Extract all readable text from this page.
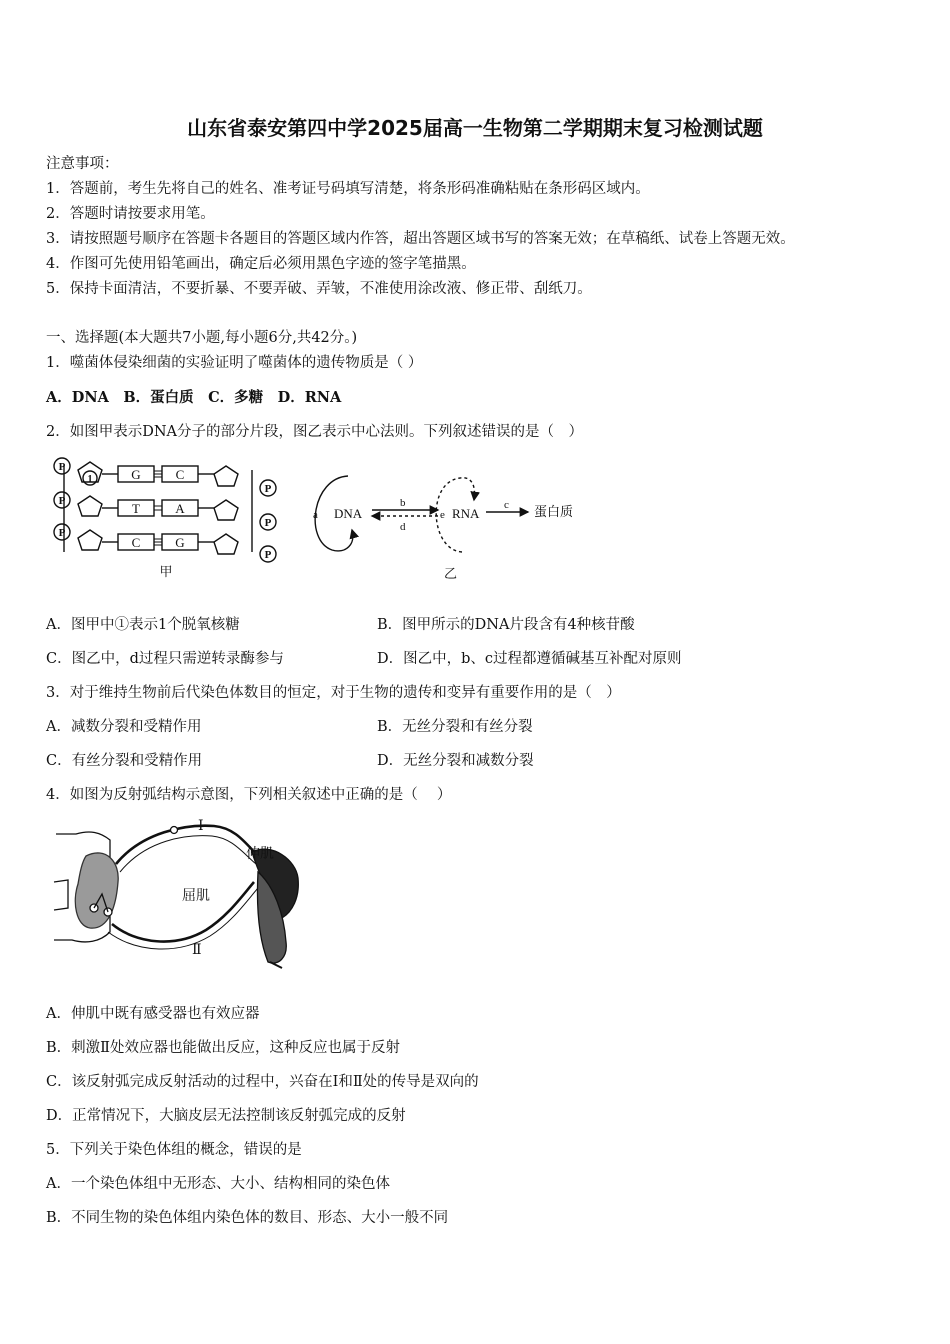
山东省泰安第四中学2025届高一生物第二学期期末复习检测试题
注意事项：
1．答题前，考生先将自己的姓名、准考证号码填写清楚，将条形码准确粘贴在条形码区域内。
2．答题时请按要求用笔。
3．请按照题号顺序在答题卡各题目的答题区域内作答，超出答题区域书写的答案无效；在草稿纸、试卷上答题无效。
4．作图可先使用铅笔画出，确定后必须用黑色字迹的签字笔描黑。
5．保持卡面清洁，不要折暴、不要弄破、弄皱，不准使用涂改液、修正带、刮纸刀。
一、选择题(本大题共7小题,每小题6分,共42分。)
1．噬菌体侵染细菌的实验证明了噬菌体的遗传物质是（ ）
A．DNA　B．蛋白质　C．多糖　D．RNA
2．如图甲表示DNA分子的部分片段，图乙表示中心法则。下列叙述错误的是（　）
P
P
P
P
P
P
1	G	C
T	A
C	G
甲
a DNA
b
d
e RNA
c 蛋白质
乙
A．图甲中①表示1个脱氧核糖	B．图甲所示的DNA片段含有4种核苷酸
C．图乙中，d过程只需逆转录酶参与	D．图乙中，b、c过程都遵循碱基互补配对原则
3．对于维持生物前后代染色体数目的恒定，对于生物的遗传和变异有重要作用的是（　）
A．减数分裂和受精作用	B．无丝分裂和有丝分裂
C．有丝分裂和受精作用	D．无丝分裂和减数分裂
4．如图为反射弧结构示意图，下列相关叙述中正确的是（　 ）
Ⅰ
伸肌
屈肌
Ⅱ
A．伸肌中既有感受器也有效应器
B．刺激Ⅱ处效应器也能做出反应，这种反应也属于反射
C．该反射弧完成反射活动的过程中，兴奋在Ⅰ和Ⅱ处的传导是双向的
D．正常情况下，大脑皮层无法控制该反射弧完成的反射
5．下列关于染色体组的概念，错误的是
A．一个染色体组中无形态、大小、结构相同的染色体
B．不同生物的染色体组内染色体的数目、形态、大小一般不同
